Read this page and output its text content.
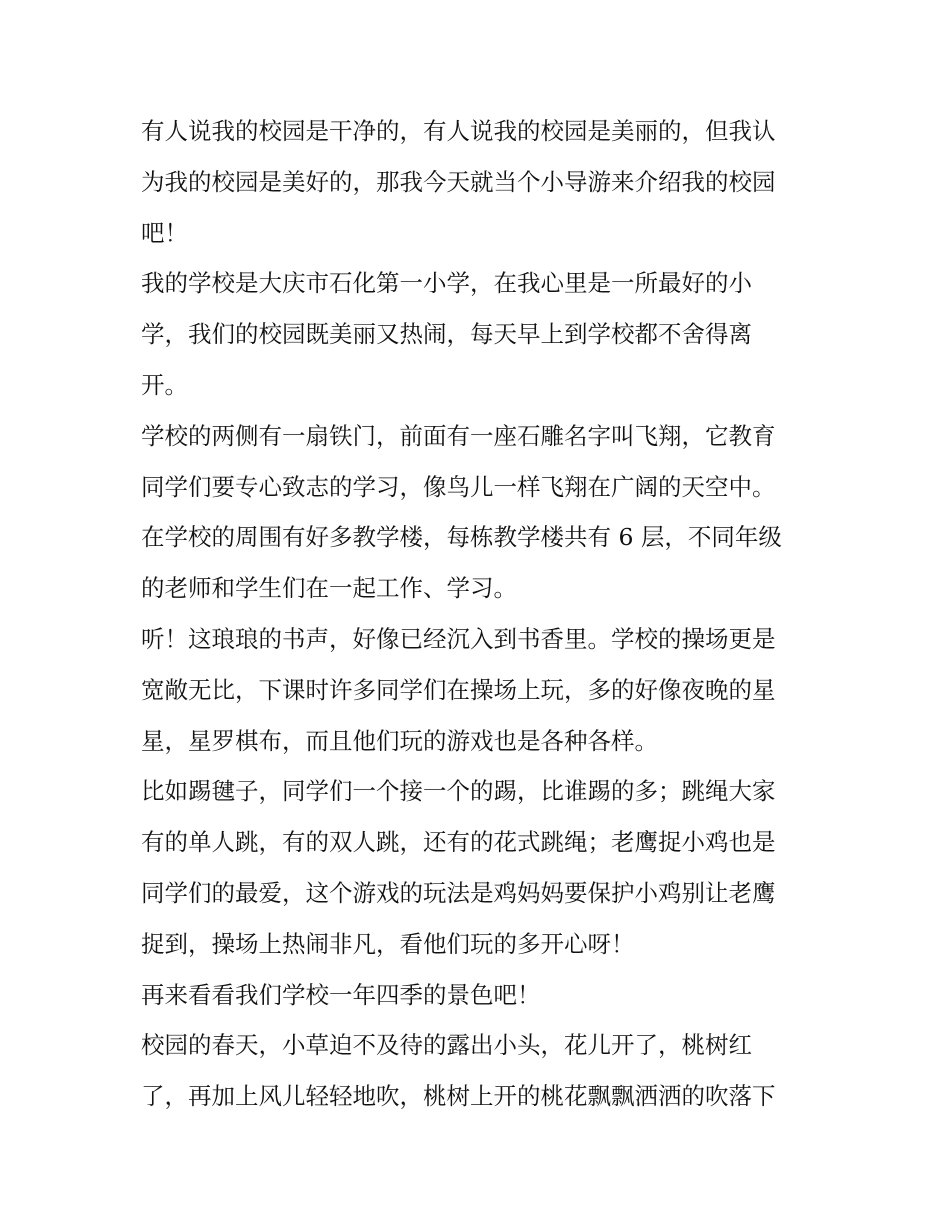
有人说我的校园是干净的，有人说我的校园是美丽的，但我认
为我的校园是美好的，那我今天就当个小导游来介绍我的校园
吧！
我的学校是大庆市石化第一小学，在我心里是一所最好的小
学，我们的校园既美丽又热闹，每天早上到学校都不舍得离
开。
学校的两侧有一扇铁门，前面有一座石雕名字叫飞翔，它教育
同学们要专心致志的学习，像鸟儿一样飞翔在广阔的天空中。
在学校的周围有好多教学楼，每栋教学楼共有 6 层，不同年级
的老师和学生们在一起工作、学习。
听！这琅琅的书声，好像已经沉入到书香里。学校的操场更是
宽敞无比，下课时许多同学们在操场上玩，多的好像夜晚的星
星，星罗棋布，而且他们玩的游戏也是各种各样。
比如踢毽子，同学们一个接一个的踢，比谁踢的多；跳绳大家
有的单人跳，有的双人跳，还有的花式跳绳；老鹰捉小鸡也是
同学们的最爱，这个游戏的玩法是鸡妈妈要保护小鸡别让老鹰
捉到，操场上热闹非凡，看他们玩的多开心呀！
再来看看我们学校一年四季的景色吧！
校园的春天，小草迫不及待的露出小头，花儿开了，桃树红
了，再加上风儿轻轻地吹，桃树上开的桃花飘飘洒洒的吹落下
